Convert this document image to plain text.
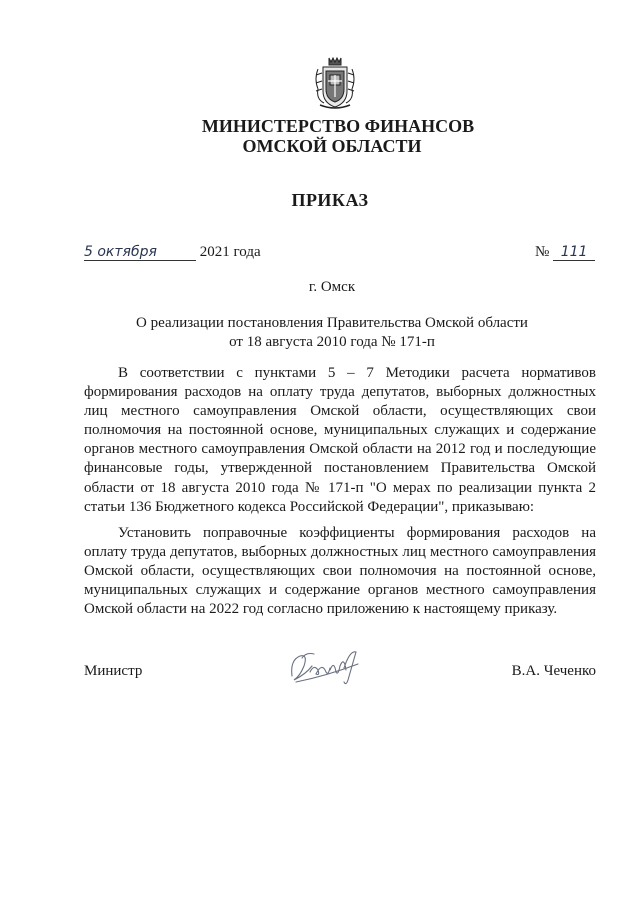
МИНИСТЕРСТВО ФИНАНСОВ
ОМСКОЙ ОБЛАСТИ
ПРИКАЗ
5 октября	2021 года	№ 111
г. Омск
О реализации постановления Правительства Омской области
от 18 августа 2010 года № 171-п

В соответствии с пунктами 5 – 7 Методики расчета нормативов формирования расходов на оплату труда депутатов, выборных должностных лиц местного самоуправления Омской области, осуществляющих свои полномочия на постоянной основе, муниципальных служащих и содержание органов местного самоуправления Омской области на 2012 год и последующие финансовые годы, утвержденной постановлением Правительства Омской области от 18 августа 2010 года № 171-п "О мерах по реализации пункта 2 статьи 136 Бюджетного кодекса Российской Федерации", приказываю:

Установить поправочные коэффициенты формирования расходов на оплату труда депутатов, выборных должностных лиц местного самоуправления Омской области, осуществляющих свои полномочия на постоянной основе, муниципальных служащих и содержание органов местного самоуправления Омской области на 2022 год согласно приложению к настоящему приказу.

Министр	В.А. Чеченко
